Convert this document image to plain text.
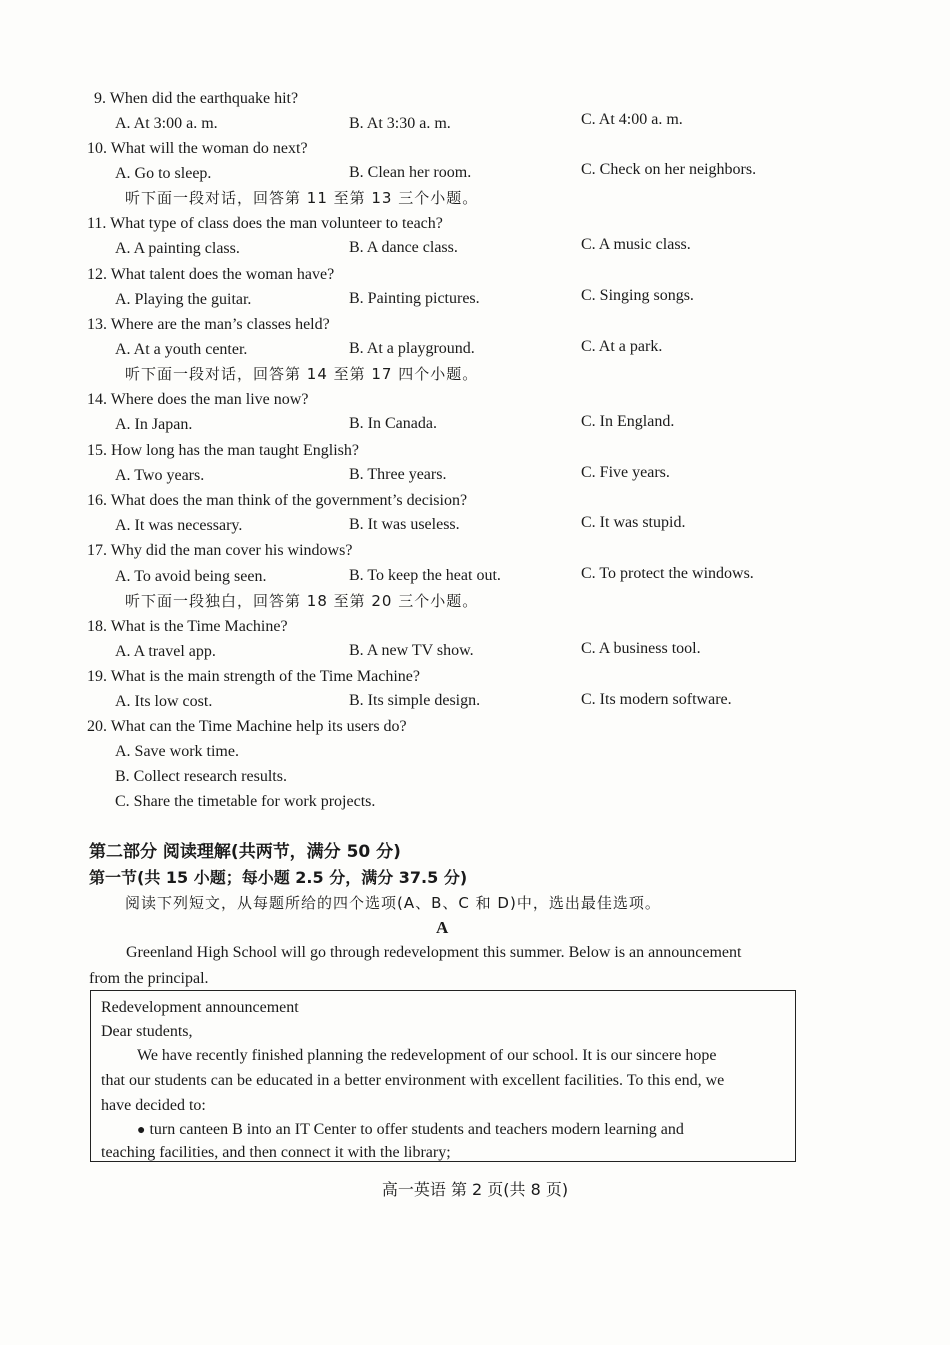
9. When did the earthquake hit?
A. At 3:00 a. m.	B. At 3:30 a. m.	C. At 4:00 a. m.
10. What will the woman do next?
A. Go to sleep.	B. Clean her room.	C. Check on her neighbors.
听下面一段对话，回答第 11 至第 13 三个小题。
11. What type of class does the man volunteer to teach?
A. A painting class.	B. A dance class.	C. A music class.
12. What talent does the woman have?
A. Playing the guitar.	B. Painting pictures.	C. Singing songs.
13. Where are the man’s classes held?
A. At a youth center.	B. At a playground.	C. At a park.
听下面一段对话，回答第 14 至第 17 四个小题。
14. Where does the man live now?
A. In Japan.	B. In Canada.	C. In England.
15. How long has the man taught English?
A. Two years.	B. Three years.	C. Five years.
16. What does the man think of the government’s decision?
A. It was necessary.	B. It was useless.	C. It was stupid.
17. Why did the man cover his windows?
A. To avoid being seen.	B. To keep the heat out.	C. To protect the windows.
听下面一段独白，回答第 18 至第 20 三个小题。
18. What is the Time Machine?
A. A travel app.	B. A new TV show.	C. A business tool.
19. What is the main strength of the Time Machine?
A. Its low cost.	B. Its simple design.	C. Its modern software.
20. What can the Time Machine help its users do?
A. Save work time.
B. Collect research results.
C. Share the timetable for work projects.
第二部分 阅读理解(共两节，满分 50 分)
第一节(共 15 小题；每小题 2.5 分，满分 37.5 分)
阅读下列短文，从每题所给的四个选项(A、B、C 和 D)中，选出最佳选项。
A
Greenland High School will go through redevelopment this summer. Below is an announcement
from the principal.
Redevelopment announcement
Dear students,
We have recently finished planning the redevelopment of our school. It is our sincere hope
that our students can be educated in a better environment with excellent facilities. To this end, we
have decided to:
● turn canteen B into an IT Center to offer students and teachers modern learning and
teaching facilities, and then connect it with the library;
高一英语 第 2 页(共 8 页)
